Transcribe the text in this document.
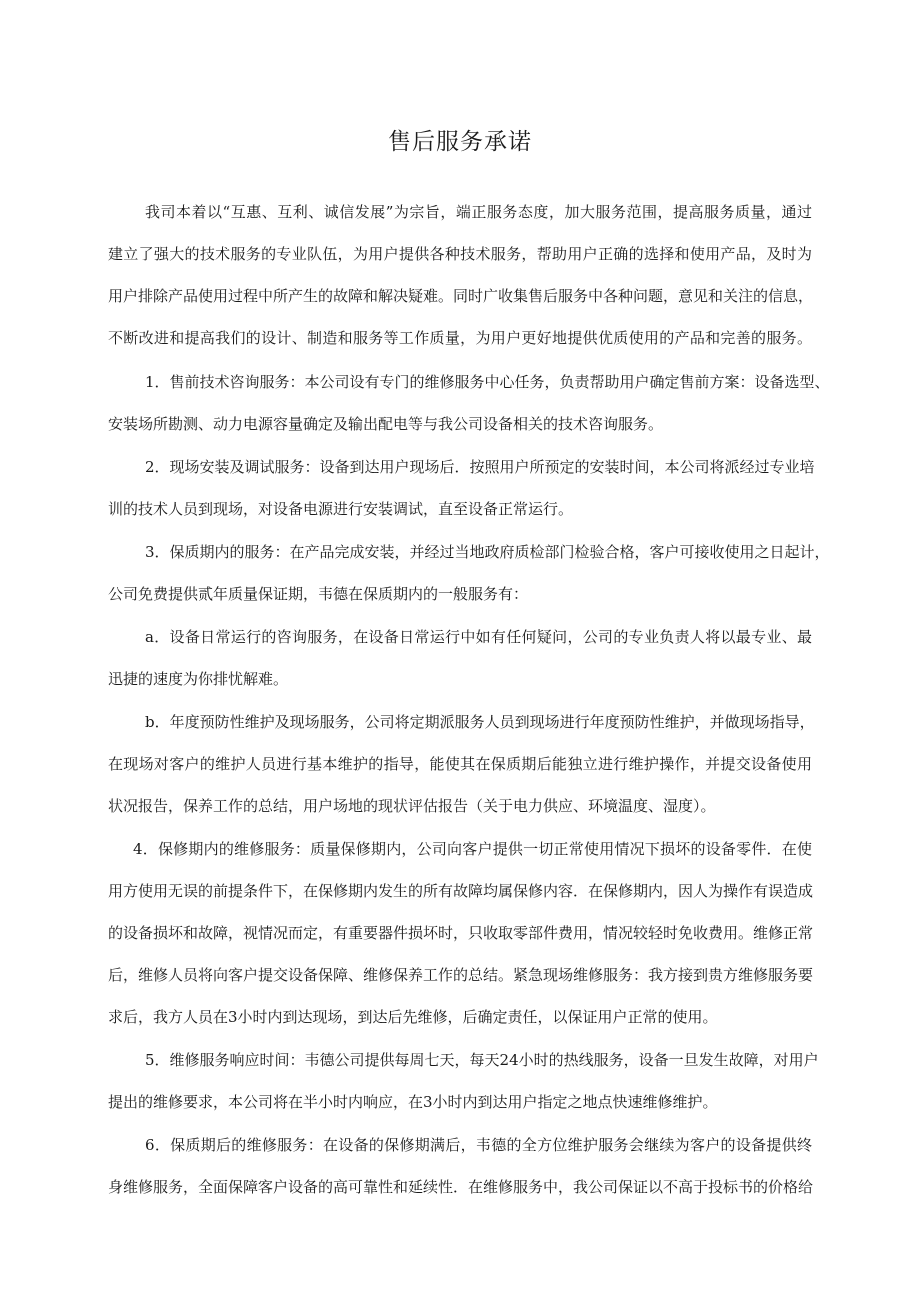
售后服务承诺
我司本着以“互惠、互利、诚信发展”为宗旨，端正服务态度，加大服务范围，提高服务质量，通过
建立了强大的技术服务的专业队伍，为用户提供各种技术服务，帮助用户正确的选择和使用产品，及时为
用户排除产品使用过程中所产生的故障和解决疑难。同时广收集售后服务中各种问题，意见和关注的信息，
不断改进和提高我们的设计、制造和服务等工作质量，为用户更好地提供优质使用的产品和完善的服务。
1．售前技术咨询服务：本公司设有专门的维修服务中心任务，负责帮助用户确定售前方案：设备选型、
安装场所勘测、动力电源容量确定及输出配电等与我公司设备相关的技术咨询服务。
2．现场安装及调试服务：设备到达用户现场后．按照用户所预定的安装时间，本公司将派经过专业培
训的技术人员到现场，对设备电源进行安装调试，直至设备正常运行。
3．保质期内的服务：在产品完成安装，并经过当地政府质检部门检验合格，客户可接收使用之日起计，
公司免费提供贰年质量保证期，韦德在保质期内的一般服务有：
a．设备日常运行的咨询服务，在设备日常运行中如有任何疑问，公司的专业负责人将以最专业、最
迅捷的速度为你排忧解难。
b．年度预防性维护及现场服务，公司将定期派服务人员到现场进行年度预防性维护，并做现场指导，
在现场对客户的维护人员进行基本维护的指导，能使其在保质期后能独立进行维护操作，并提交设备使用
状况报告，保养工作的总结，用户场地的现状评估报告（关于电力供应、环境温度、湿度）。
4．保修期内的维修服务：质量保修期内，公司向客户提供一切正常使用情况下损坏的设备零件．在使
用方使用无误的前提条件下，在保修期内发生的所有故障均属保修内容．在保修期内，因人为操作有误造成
的设备损坏和故障，视情况而定，有重要器件损坏时，只收取零部件费用，情况较轻时免收费用。维修正常
后，维修人员将向客户提交设备保障、维修保养工作的总结。紧急现场维修服务：我方接到贵方维修服务要
求后，我方人员在3小时内到达现场，到达后先维修，后确定责任，以保证用户正常的使用。
5．维修服务响应时间：韦德公司提供每周七天，每天24小时的热线服务，设备一旦发生故障，对用户
提出的维修要求，本公司将在半小时内响应，在3小时内到达用户指定之地点快速维修维护。
6．保质期后的维修服务：在设备的保修期满后，韦德的全方位维护服务会继续为客户的设备提供终
身维修服务，全面保障客户设备的高可靠性和延续性．在维修服务中，我公司保证以不高于投标书的价格给
